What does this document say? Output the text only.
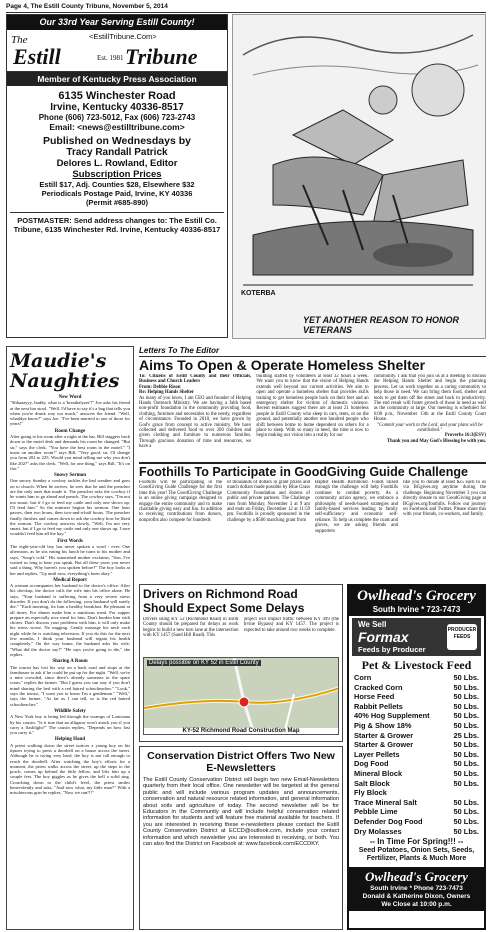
Page 4, The Estill County Tribune, November 5, 2014
Our 33rd Year Serving Estill County!
The	<EstillTribune.Com>
Estill	Est. 1981 Tribune
Member of Kentucky Press Association
6135 Winchester Road
Irvine, Kentucky 40336-8517
Phone (606) 723-5012, Fax (606) 723-2743
Email: <news@estilltribune.com>
Published on Wednesdays by
Tracy Randall Patrick
Delores L. Rowland, Editor
Subscription Prices
Estill $17, Adj. Counties $28, Elsewhere $32
Periodicals Postage Paid, Irvine, KY 40336
(Permit #685-890)
POSTMASTER: Send address changes to: The Estill Co. Tribune, 6135 Winchester Rd. Irvine, Kentucky 40336-8517
KOTERBA
YET ANOTHER REASON TO HONOR VETERANS
Maudie's
Naughties
New Word
"Shhaaayyy, buddy, what is a 'breathalyzer'?" Joe asks his friend at the next bar stool. "Well, I'd have to say it's a bag that tells you when you're drunk way too much," answers the friend. "Well, whaddya know?" says Joe. "I've been married to one of those for years!"
Room Change
After going to his room after a night at the bar, Bill staggers back down to the motel desk and demands his room be changed. "But sir," says the clerk, "You have the best room in the motel." "I insist on another room!" says Bill. "Very good, sir. I'll change you from 202 to 225. Would you mind telling me why you don't like 202?" asks the clerk. "Well, for one thing," says Bill, "It's on fire."
Snowy Sermon
One snowy Sunday a cowboy tackles the bad weather and goes on to church. When he arrives, he sees that he and the preacher are the only ones that made it. The preacher asks the cowboy if he wants him to go ahead and preach. The cowboy says, "I'm not too smart, but if I go to feed my cattle and only one shows up, I'll feed him." So the minister begins his sermon. One hour passes, then two hours, then two-and-a-half hours. The preacher finally finishes and comes down to ask the cowboy how he liked the sermon. The cowboy answers slowly, "Well, I'm not very smart, but if I go to feed my cattle and only one shows up, I sure wouldn't feed him all the hay."
First Words
The eight-year-old boy has never spoken a word - ever. One afternoon, as he sits eating his lunch he turns to his mother and says, "Soup's cold." His astonished mother exclaims, "Son, I've waited so long to hear you speak. But all these years you never said a thing. Why haven't you spoken before?" The boy looks at her and replies, "Up until now, everything's been okay."
Medical Report
A woman accompanies her husband to the doctor's office. After his checkup, the doctor calls the wife into his office alone. He says, "Your husband is suffering from a very severe stress disorder. If you don't do the following, your husband will surely die." "Each morning, fix him a healthy breakfast. Be pleasant at all times. For dinner make him a nutritious meal. For supper prepare an especially nice meal for him. Don't burden him with chores. Don't discuss your problems with him, it will only make his stress worse. No nagging. Gently massage his neck each night while he is watching television. If you do this for the next few months, I think your husband will regain his health completely." On the way home, the husband asks his wife, "What did the doctor say?" "He says you're going to die," she replies.
Sharing A Room
The tourist has lost his way on a back road and stops at the farmhouse to ask if he could be put up for the night. "Well, we're a mite crowded, since there's already someone in the spare room," replies the farmer. "But I guess you can stay if you don't mind sharing the bed with a red haired schoolteacher." "Look," says the tourist, "I want you to know I'm a gentleman." "Well," says the farmer, "As far as I can tell, so is the red haired schoolteacher."
Wildlife Safety
A New York boy is being led through the swamps of Louisiana by his cousin. "Is it true that an alligator won't attack you if you carry a flashlight?" The cousin replies, "Depends on how fast you carry it."
Helping Hand
A priest walking down the street notices a young boy on his tiptoes trying to press a doorbell on a house across the street. Although he is trying very hard, the boy is not tall enough to reach the doorbell. After watching the boy's efforts for a moment, the priest walks across the street, up the steps to the porch, comes up behind the little fellow, and lifts him up a couple feet. The boy giggles as he gives the bell a solid ring. Crouching down to the child's level, the priest smiles benevolently and asks, "And now what, my little man?" With a mischievous grin he replies, "Now we run!!!"
Letters To The Editor
Aims To Open & Operate Homeless Shelter
To: Citizens of Estill County and their Officials, Business and Church Leaders
From: Debbie Rison
Re: Helping Hands Shelter
As many of you know, I am CEO and founder of Helping Hands Outreach Ministry. We are having a faith based non-profit foundation in the community providing food, clothing, furniture and necessities to the needy, regardless of circumstance. Founded in 2010, we have grown by God's grace from concept to active ministry. We have collected and delivered food to over 200 children and given clothing and furniture to numerous families. Through gracious donation of time and resources, we have a
building staffed by volunteers at least 32 hours a week. We want you to know that the vision of Helping Hands extends well beyond our current activities. We aim to open and operate a homeless shelter that provides skills training to get homeless people back on their feet and an emergency shelter for victims of domestic violence. Recent estimates suggest there are at least 21 homeless people in Estill County who sleep in cars, tents, or on the ground, and potentially another one hundred people who shift between home to home dependent on others for a place to sleep. With so many in need, the time is now to begin making our vision into a reality for our
community. I ask that you join us at a meeting to discuss the Helping Hands Shelter and begin the planning process. Let us work together as a caring community to help those in need. We can bring them food, shelter and tools to get them off the street and back to productivity. The end result will foster growth of those in need as well as the community at large. Our meeting is scheduled for 6:00 p.m., November 13th at the Estill County Court House.
"Commit your work to the Lord, and your plans will be established."
Proverbs 16:3(ESV)
Thank you and May God's Blessing be with you.
Foothills To Participate in GoodGiving Guide Challenge
Foothills will be participating in the GoodGiving Guide Challenge for the first time this year! The GoodGiving Challenge is an online giving campaign designed to engage the entire community and to make charitable giving easy and fun. In addition to receiving contributions from donors, nonprofits also compete for hundreds
of thousands of dollars in grant prizes and match dollars made possible by Blue Grass Community Foundation and dozens of public and private partners. The Challenge runs from Monday, November 3 at 9 am and ends on Friday, December 12 at 11:59 pm. Foothills is proudly sponsored in the challenge by a $500 matching grant from
Baptist Health Richmond. Funds raised through the challenge will help Foothills continue to combat poverty. As a community action agency, we embrace a philosophy of needs-based strategies and family-based services leading to family self-sufficiency and economic self-reliance. To help us complete the coats and gloves, we are asking friends and supporters
like you to donate at least $25 each to us via BGgives.org anytime during the challenge. Beginning November 3 you can directly donate to our GoodGiving page at BGgives.org/foothills. Follow our journey on Facebook and Twitter. Please share this with your friends, co-workers, and family.
Drivers on Richmond Road Should Expect Some Delays
Drivers using KY 52 (Richmond Road) in Estill County should be prepared for delays as work begins to build a new turn lane at the intersection with KY 1457 (Sand Hill Road). This
project will impact traffic between KY 499 (the Irvine Bypass) and KY 1457. The project is expected to take around two weeks to complete.
Delays possible on KY 52 in Estill County
KY-52 Richmond Road Construction Map
Conservation District Offers Two New E-Newsletters
The Estill County Conservation District will begin two new Email-Newsletters quarterly from their local office. One newsletter will be targeted at the general public and will include various program updates and announcements, conservation and natural resource related information, and general information about soils and agriculture of today. The second newsletter will be for Educators in the Community and will include helpful conservation related information for students and will feature free material available for teachers. If you are interested in receiving these e-newsletters please contact the Estill County Conservation District at ECCD@outlook.com, include your contact information and which newsletter you are interested in receiving, or both. You can also find the District on Facebook at: www.facebook.com/ECCDKY.
Owlhead's Grocery
South Irvine * 723-7473
We Sell
Formax
Feeds by Producer
PRODUCER FEEDS
Pet & Livestock Feed
Corn	50 Lbs.
Cracked Corn	50 Lbs.
Horse Feed	50 Lbs.
Rabbit Pellets	50 Lbs.
40% Hog Supplement	50 Lbs.
Pig & Show 18%	50 Lbs.
Starter & Grower	25 Lbs.
Starter & Grower	50 Lbs.
Layer Pellets	50 Lbs.
Dog Food	50 Lbs.
Mineral Block	50 Lbs.
Salt Block	50 Lbs.
Fly Block
Trace Mineral Salt	50 Lbs.
Pebble Lime	50 Lbs.
Defender Dog Food	50 Lbs.
Dry Molasses	50 Lbs.
-- In Time For Spring!!! --
Seed Potatoes, Onion Sets, Seeds, Fertilizer, Plants & Much More
Owlhead's Grocery
South Irvine * Phone 723-7473
Donald & Katherine Dixon, Owners
We Close at 10:00 p.m.
